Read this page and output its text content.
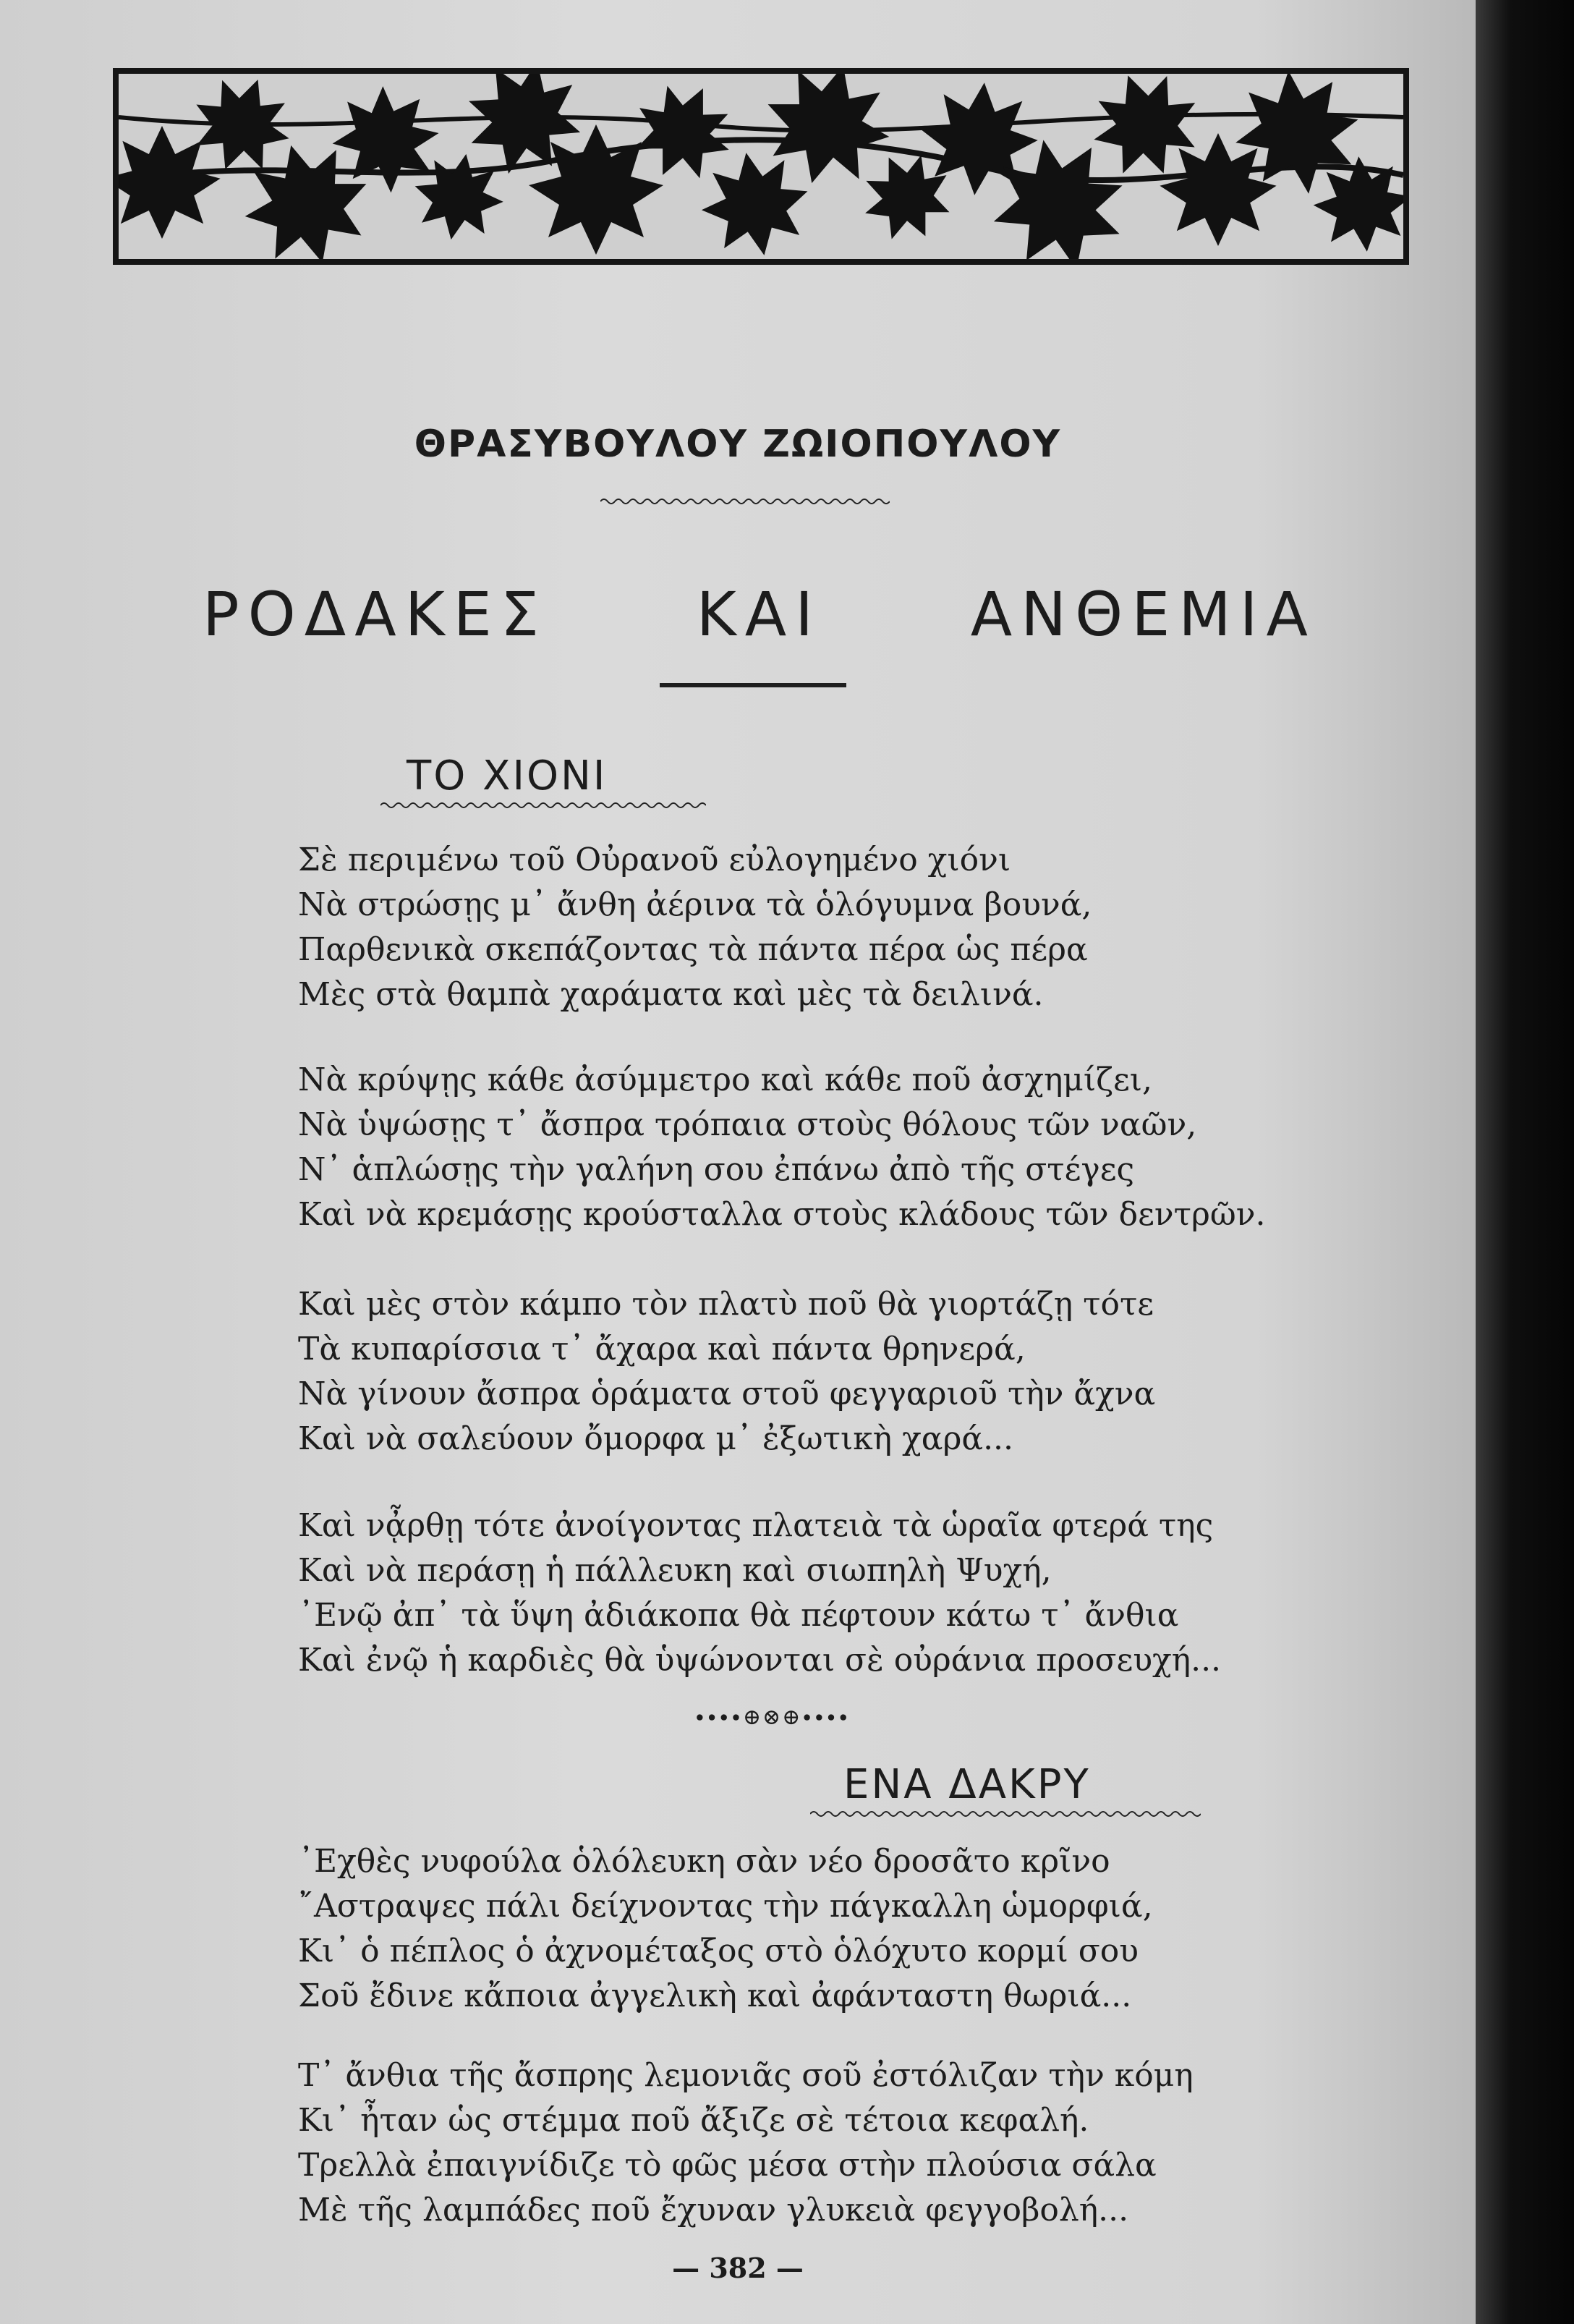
ΘΡΑΣΥΒΟΥΛΟΥ ΖΩΙΟΠΟΥΛΟΥ
ΡΟΔΑΚΕΣ ΚΑΙ ΑΝΘΕΜΙΑ
ΤΟ ΧΙΟΝΙ
Σὲ περιμένω τοῦ Οὐρανοῦ εὐλογημένο χιόνι
Νὰ στρώσῃς μ᾽ ἄνθη ἀέρινα τὰ ὁλόγυμνα βουνά,
Παρθενικὰ σκεπάζοντας τὰ πάντα πέρα ὡς πέρα
Μὲς στὰ θαμπὰ χαράματα καὶ μὲς τὰ δειλινά.
Νὰ κρύψῃς κάθε ἀσύμμετρο καὶ κάθε ποῦ ἀσχημίζει,
Νὰ ὑψώσῃς τ᾽ ἄσπρα τρόπαια στοὺς θόλους τῶν ναῶν,
Ν᾽ ἁπλώσῃς τὴν γαλήνη σου ἐπάνω ἀπὸ τῆς στέγες
Καὶ νὰ κρεμάσῃς κρούσταλλα στοὺς κλάδους τῶν δεντρῶν.
Καὶ μὲς στὸν κάμπο τὸν πλατὺ ποῦ θὰ γιορτάζῃ τότε
Τὰ κυπαρίσσια τ᾽ ἄχαρα καὶ πάντα θρηνερά,
Νὰ γίνουν ἄσπρα ὁράματα στοῦ φεγγαριοῦ τὴν ἄχνα
Καὶ νὰ σαλεύουν ὄμορφα μ᾽ ἐξωτικὴ χαρά...
Καὶ νᾆρθῃ τότε ἀνοίγοντας πλατειὰ τὰ ὡραῖα φτερά της
Καὶ νὰ περάσῃ ἡ πάλλευκη καὶ σιωπηλὴ Ψυχή,
᾿Ενῷ ἀπ᾽ τὰ ὕψη ἀδιάκοπα θὰ πέφτουν κάτω τ᾽ ἄνθια
Καὶ ἐνῷ ἡ καρδιὲς θὰ ὑψώνονται σὲ οὐράνια προσευχή...
∙∙∙∙⊕⊗⊕∙∙∙∙
ΕΝΑ ΔΑΚΡΥ
᾿Εχθὲς νυφούλα ὁλόλευκη σὰν νέο δροσᾶτο κρῖνο
῎Αστραψες πάλι δείχνοντας τὴν πάγκαλλη ὡμορφιά,
Κι᾽ ὁ πέπλος ὁ ἀχνομέταξος στὸ ὁλόχυτο κορμί σου
Σοῦ ἔδινε κἄποια ἀγγελικὴ καὶ ἀφάνταστη θωριά...
Τ᾽ ἄνθια τῆς ἄσπρης λεμονιᾶς σοῦ ἐστόλιζαν τὴν κόμη
Κι᾽ ἦταν ὡς στέμμα ποῦ ἄξιζε σὲ τέτοια κεφαλή.
Τρελλὰ ἐπαιγνίδιζε τὸ φῶς μέσα στὴν πλούσια σάλα
Μὲ τῆς λαμπάδες ποῦ ἔχυναν γλυκειὰ φεγγοβολή...
— 382 —
